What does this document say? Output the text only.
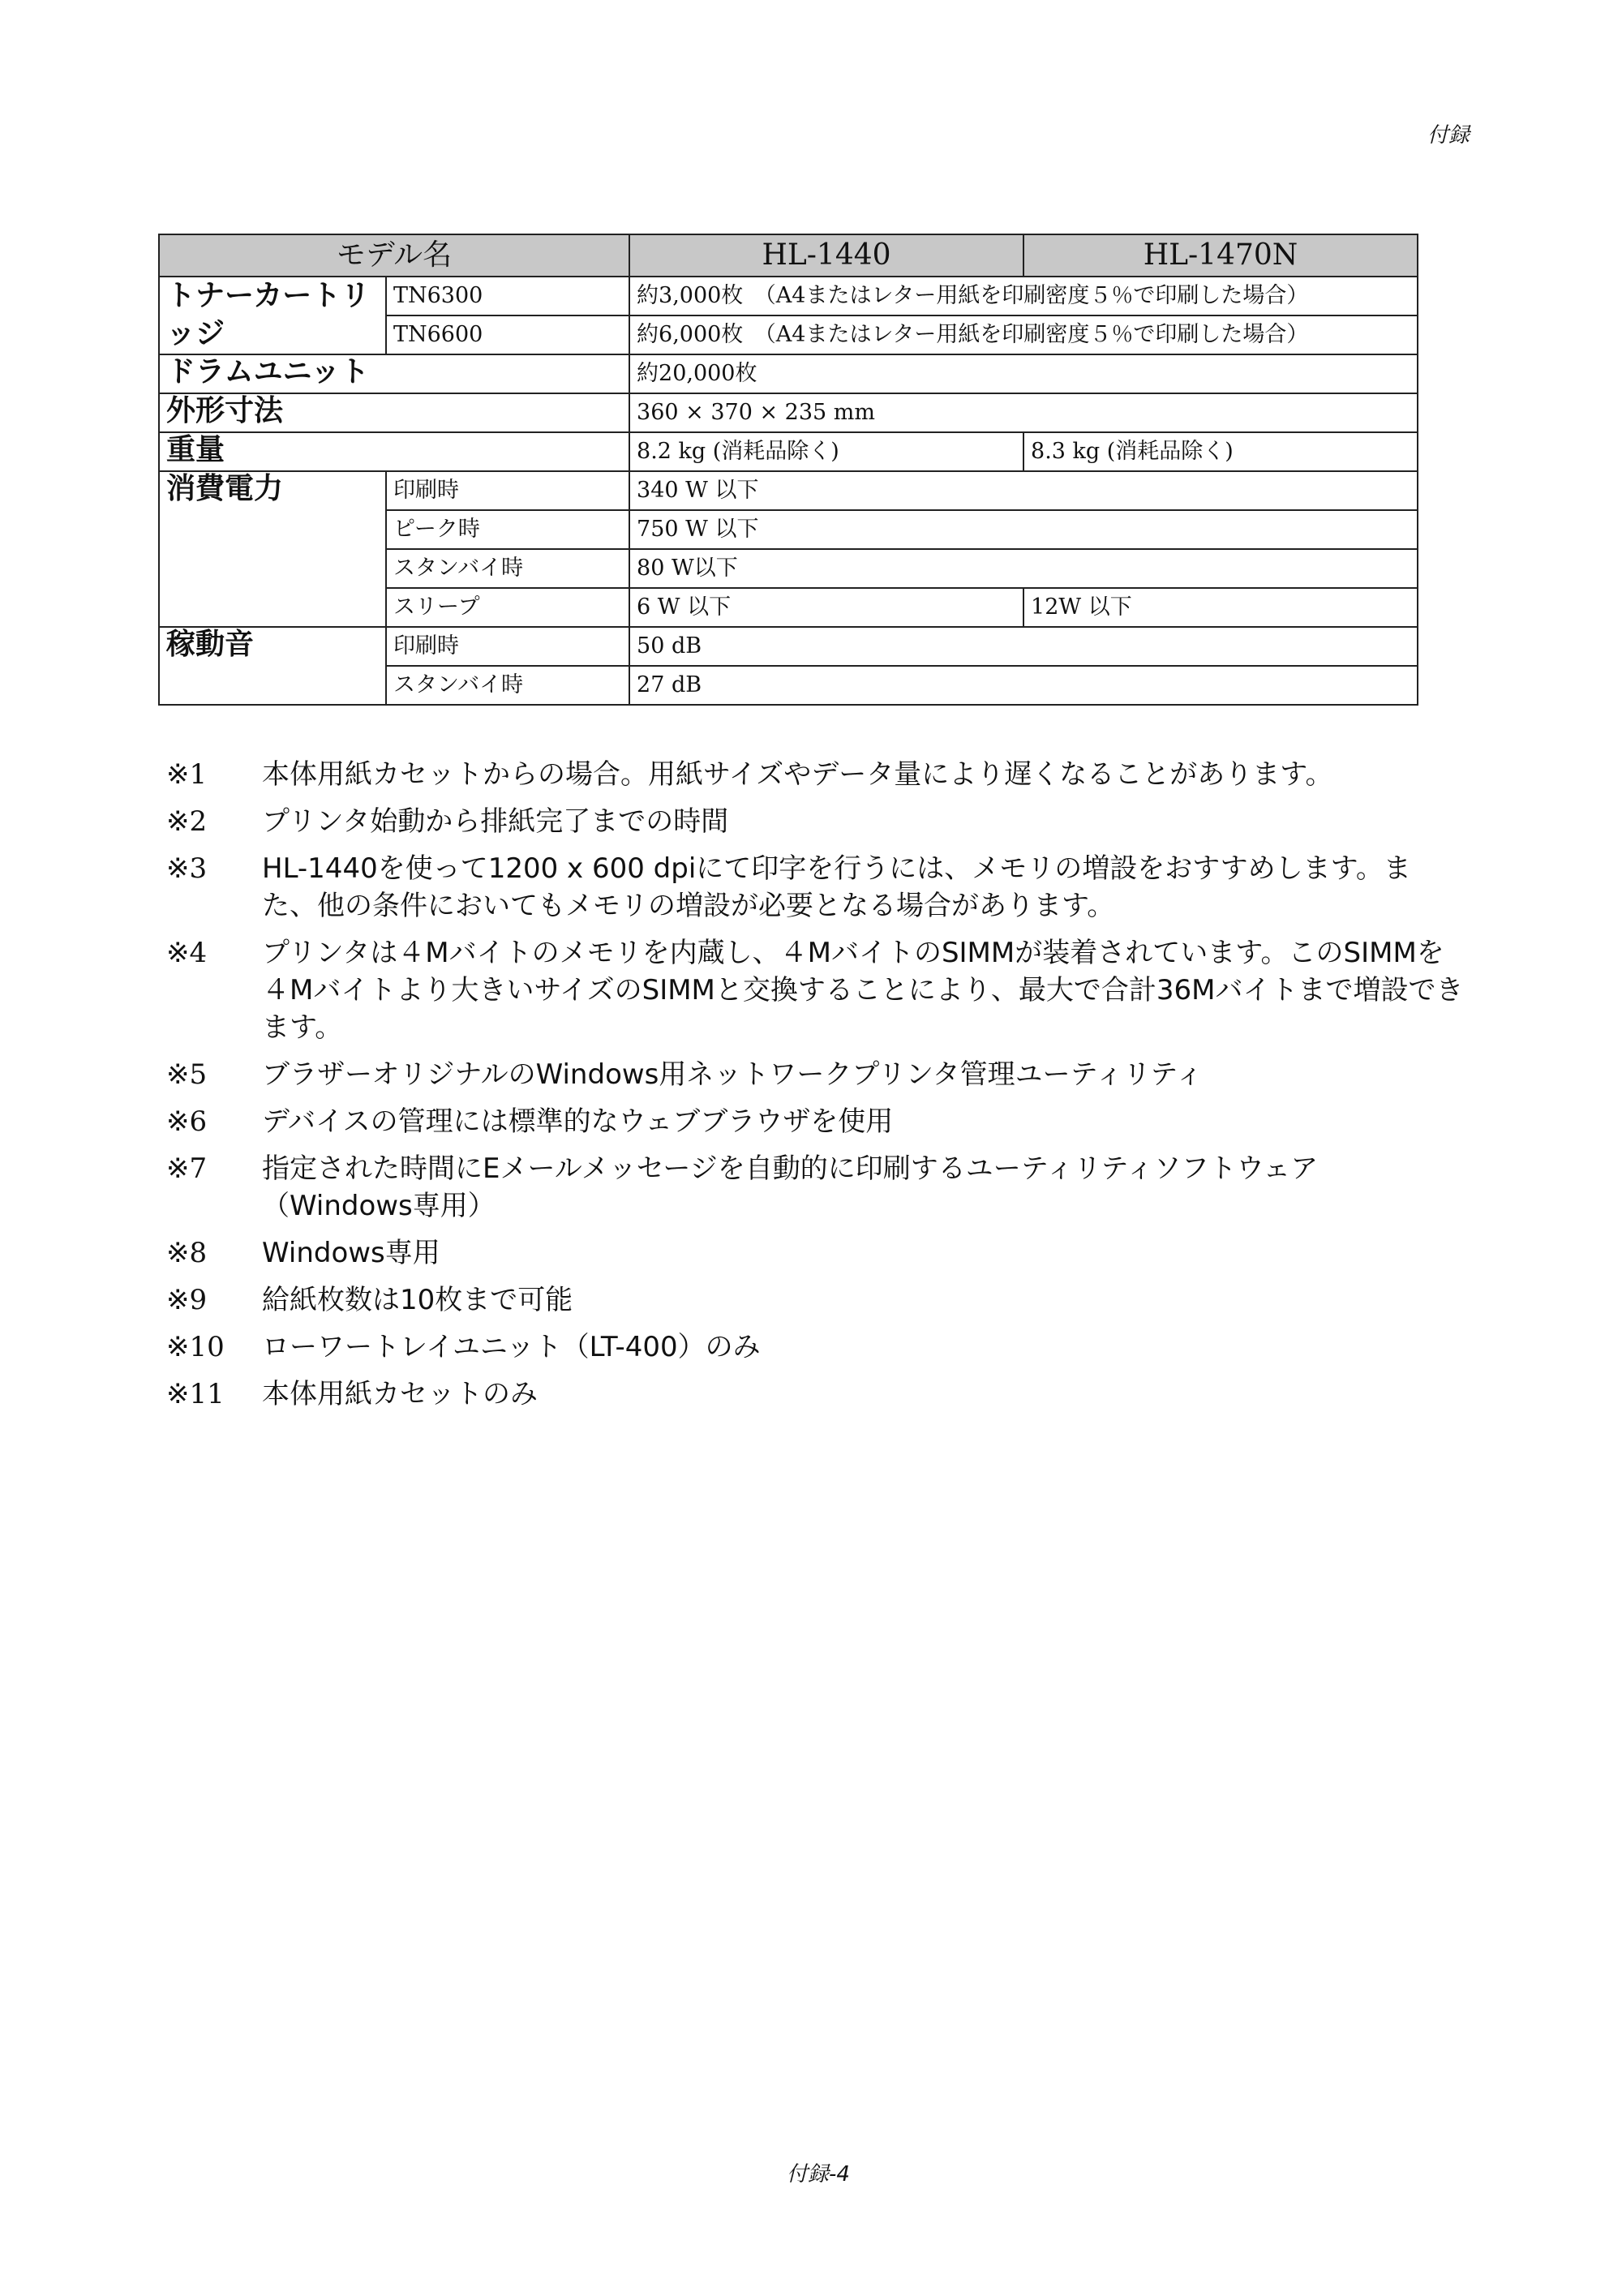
付録
モデル名		HL-1440	HL-1470N
トナーカートリッジ	TN6300	約3,000枚　（A4またはレター用紙を印刷密度５％で印刷した場合）	
	TN6600	約6,000枚　（A4またはレター用紙を印刷密度５％で印刷した場合）	
ドラムユニット		約20,000枚	
外形寸法		360 × 370 × 235 mm	
重量		8.2 kg (消耗品除く)	8.3 kg (消耗品除く)
消費電力	印刷時	340 W 以下	
	ピーク時	750 W 以下	
	スタンバイ時	80 W以下	
	スリープ	6 W 以下	12W 以下
稼動音	印刷時	50 dB	
	スタンバイ時	27 dB	
※1	本体用紙カセットからの場合。用紙サイズやデータ量により遅くなることがあります。
※2	プリンタ始動から排紙完了までの時間
※3	HL-1440を使って1200 x 600 dpiにて印字を行うには、メモリの増設をおすすめします。また、他の条件においてもメモリの増設が必要となる場合があります。
※4	プリンタは４Mバイトのメモリを内蔵し、４MバイトのSIMMが装着されています。このSIMMを４Mバイトより大きいサイズのSIMMと交換することにより、最大で合計36Mバイトまで増設できます。
※5	ブラザーオリジナルのWindows用ネットワークプリンタ管理ユーティリティ
※6	デバイスの管理には標準的なウェブブラウザを使用
※7	指定された時間にEメールメッセージを自動的に印刷するユーティリティソフトウェア（Windows専用）
※8	Windows専用
※9	給紙枚数は10枚まで可能
※10	ローワートレイユニット（LT-400）のみ
※11	本体用紙カセットのみ
付録-4
